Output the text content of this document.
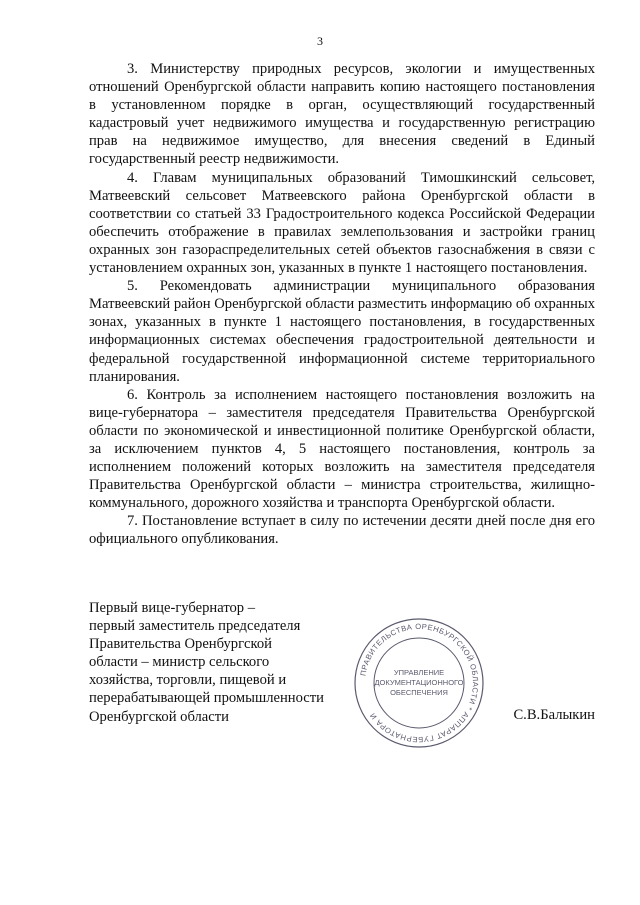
3

3. Министерству природных ресурсов, экологии и имущественных отношений Оренбургской области направить копию настоящего постановления в установленном порядке в орган, осуществляющий государственный кадастровый учет недвижимого имущества и государственную регистрацию прав на недвижимое имущество, для внесения сведений в Единый государственный реестр недвижимости.

4. Главам муниципальных образований Тимошкинский сельсовет, Матвеевский сельсовет Матвеевского района Оренбургской области в соответствии со статьей 33 Градостроительного кодекса Российской Федерации обеспечить отображение в правилах землепользования и застройки границ охранных зон газораспределительных сетей объектов газоснабжения в связи с установлением охранных зон, указанных в пункте 1 настоящего постановления.

5. Рекомендовать администрации муниципального образования Матвеевский район Оренбургской области разместить информацию об охранных зонах, указанных в пункте 1 настоящего постановления, в государственных информационных системах обеспечения градостроительной деятельности и федеральной государственной информационной системе территориального планирования.

6. Контроль за исполнением настоящего постановления возложить на вице-губернатора – заместителя председателя Правительства Оренбургской области по экономической и инвестиционной политике Оренбургской области, за исключением пунктов 4, 5 настоящего постановления, контроль за исполнением положений которых возложить на заместителя председателя Правительства Оренбургской области – министра строительства, жилищно-коммунального, дорожного хозяйства и транспорта Оренбургской области.

7. Постановление вступает в силу по истечении десяти дней после дня его официального опубликования.

Первый вице-губернатор –
первый заместитель председателя
Правительства Оренбургской
области – министр сельского
хозяйства, торговли, пищевой и
перерабатывающей промышленности
Оренбургской области
ПРАВИТЕЛЬСТВА ОРЕНБУРГСКОЙ ОБЛАСТИ * АППАРАТ ГУБЕРНАТОРА И
УПРАВЛЕНИЕ
ДОКУМЕНТАЦИОННОГО
ОБЕСПЕЧЕНИЯ
С.В.Балыкин
